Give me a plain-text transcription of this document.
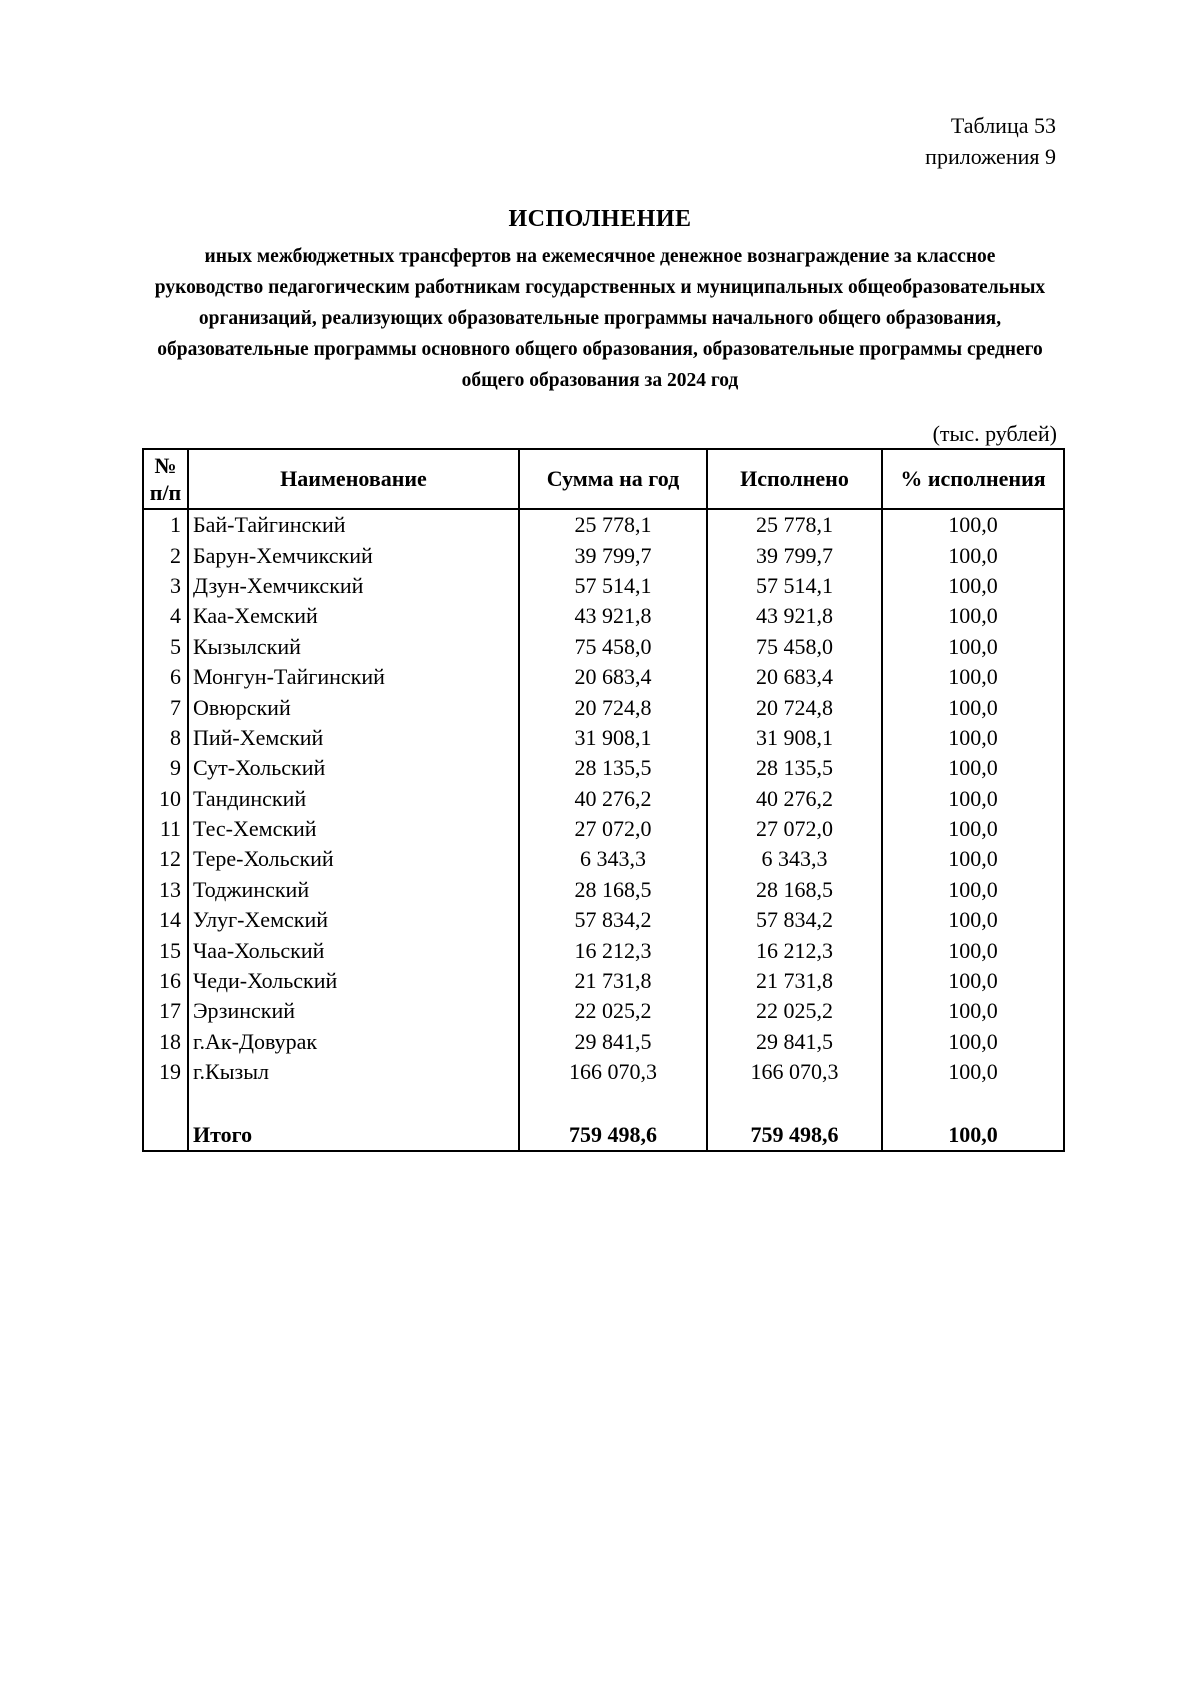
Таблица 53
приложения 9
ИСПОЛНЕНИЕ
иных межбюджетных трансфертов на ежемесячное денежное вознаграждение за классное руководство педагогическим работникам государственных и муниципальных общеобразовательных организаций, реализующих образовательные программы начального общего образования, образовательные программы основного общего образования, образовательные программы среднего общего образования за 2024 год
(тыс. рублей)
№
п/п	Наименование	Сумма на год	Исполнено	% исполнения
1	Бай-Тайгинский	25 778,1	25 778,1	100,0
2	Барун-Хемчикский	39 799,7	39 799,7	100,0
3	Дзун-Хемчикский	57 514,1	57 514,1	100,0
4	Каа-Хемский	43 921,8	43 921,8	100,0
5	Кызылский	75 458,0	75 458,0	100,0
6	Монгун-Тайгинский	20 683,4	20 683,4	100,0
7	Овюрский	20 724,8	20 724,8	100,0
8	Пий-Хемский	31 908,1	31 908,1	100,0
9	Сут-Хольский	28 135,5	28 135,5	100,0
10	Тандинский	40 276,2	40 276,2	100,0
11	Тес-Хемский	27 072,0	27 072,0	100,0
12	Тере-Хольский	6 343,3	6 343,3	100,0
13	Тоджинский	28 168,5	28 168,5	100,0
14	Улуг-Хемский	57 834,2	57 834,2	100,0
15	Чаа-Хольский	16 212,3	16 212,3	100,0
16	Чеди-Хольский	21 731,8	21 731,8	100,0
17	Эрзинский	22 025,2	22 025,2	100,0
18	г.Ак-Довурак	29 841,5	29 841,5	100,0
19	г.Кызыл	166 070,3	166 070,3	100,0

	Итого	759 498,6	759 498,6	100,0
